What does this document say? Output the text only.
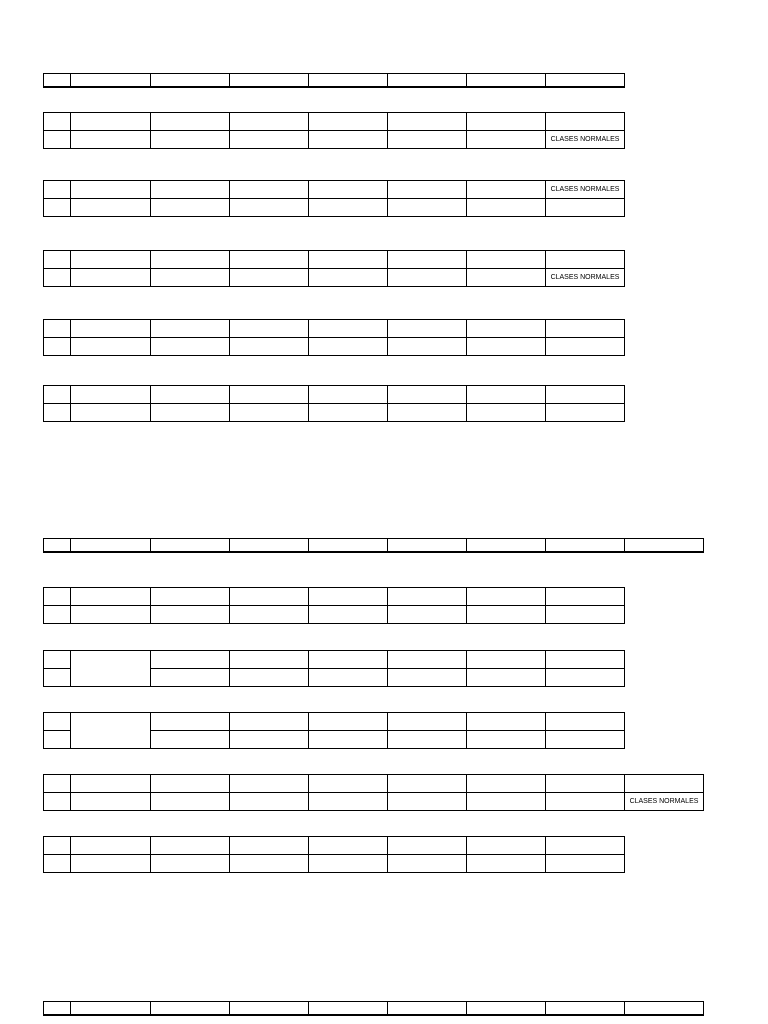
							CLASES NORMALES
							CLASES NORMALES

							CLASES NORMALES

								CLASES NORMALES
